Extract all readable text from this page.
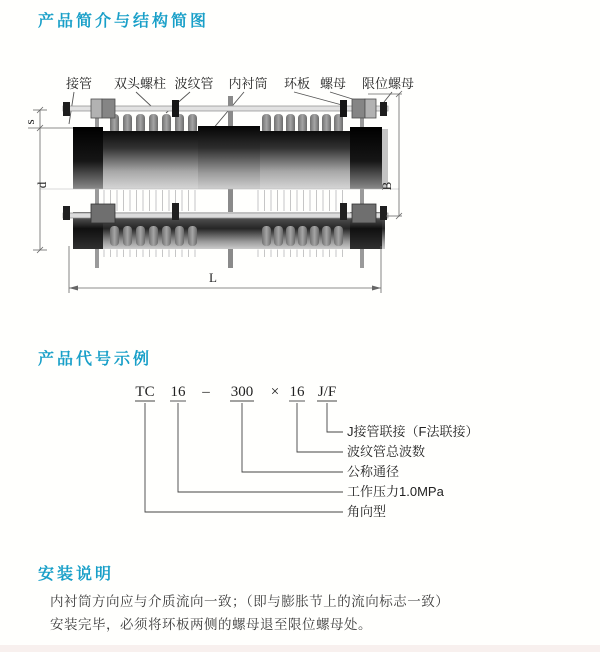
产品简介与结构简图
接管 双头螺柱 波纹管 内衬筒 环板 螺母 限位螺母
s
d	B
L
产品代号示例
TC 16 – 300 × 16 J/F
J接管联接（F法联接）
波纹管总波数
公称通径
工作压力1.0MPa
角向型
安装说明
内衬筒方向应与介质流向一致；（即与膨胀节上的流向标志一致）
安装完毕，必须将环板两侧的螺母退至限位螺母处。
